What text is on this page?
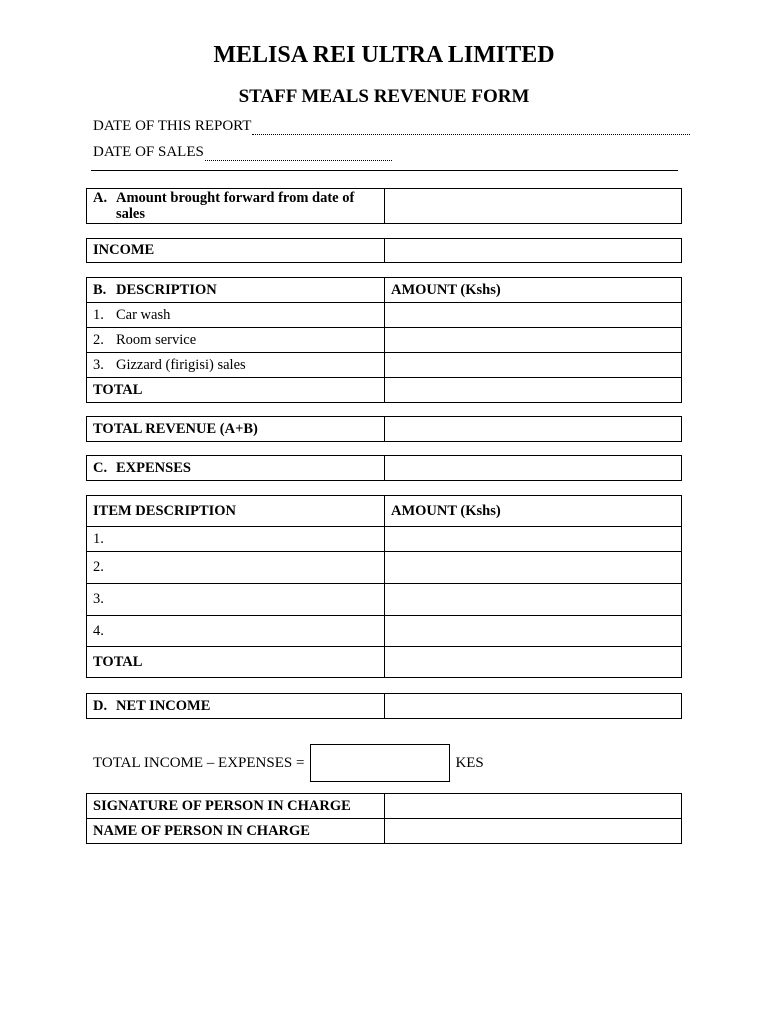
MELISA REI ULTRA LIMITED
STAFF MEALS REVENUE FORM
DATE OF THIS REPORT
DATE OF SALES
A. Amount brought forward from date of sales

INCOME	
B. DESCRIPTION	AMOUNT (Kshs)
1. Car wash	
2. Room service	
3. Gizzard (firigisi) sales	
TOTAL	
TOTAL REVENUE (A+B)	
C. EXPENSES	
ITEM DESCRIPTION	AMOUNT (Kshs)
1.	
2.	
3.	
4.	
TOTAL	
D. NET INCOME	
TOTAL INCOME – EXPENSES =	KES
SIGNATURE OF PERSON IN CHARGE	
NAME OF PERSON IN CHARGE	
